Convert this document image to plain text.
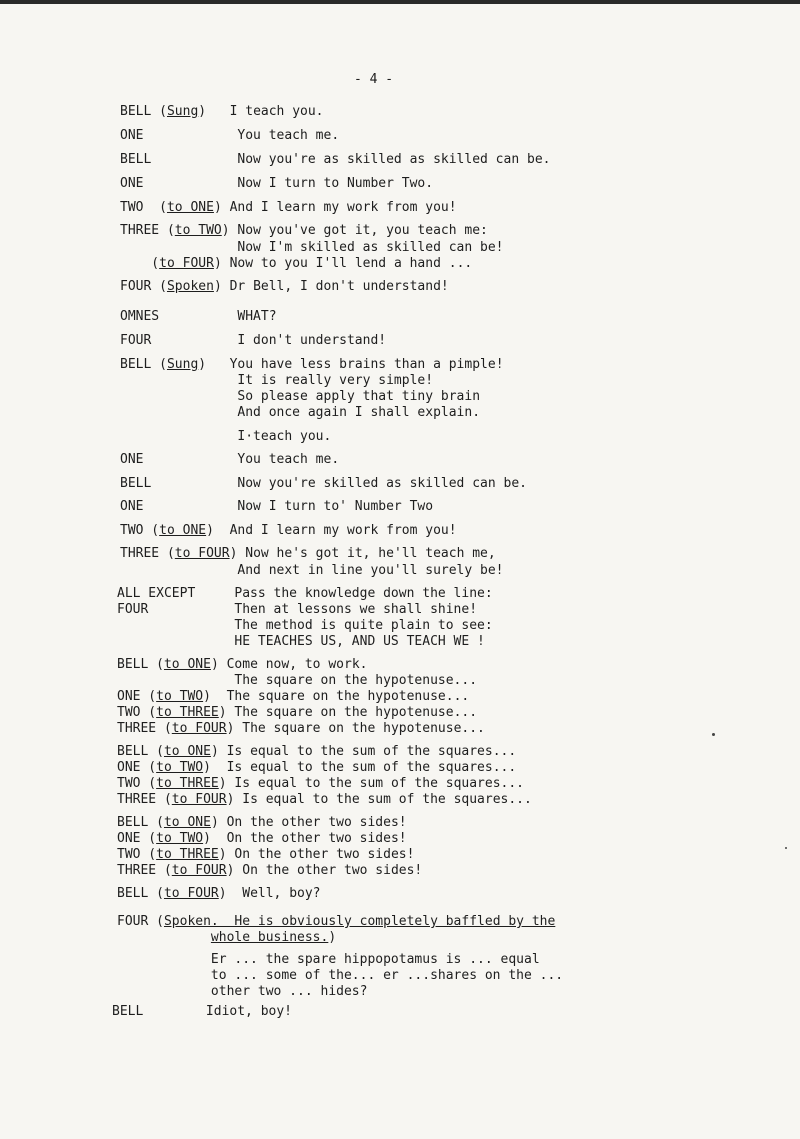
- 4 -
BELL (Sung)   I teach you.
ONE            You teach me.
BELL           Now you're as skilled as skilled can be.
ONE            Now I turn to Number Two.
TWO  (to ONE) And I learn my work from you!
THREE (to TWO) Now you've got it, you teach me:
Now I'm skilled as skilled can be!
(to FOUR) Now to you I'll lend a hand ...
FOUR (Spoken) Dr Bell, I don't understand!
OMNES          WHAT?
FOUR           I don't understand!
BELL (Sung)   You have less brains than a pimple!
It is really very simple!
So please apply that tiny brain
And once again I shall explain.
I·teach you.
ONE            You teach me.
BELL           Now you're skilled as skilled can be.
ONE            Now I turn to' Number Two
TWO (to ONE)  And I learn my work from you!
THREE (to FOUR) Now he's got it, he'll teach me,
And next in line you'll surely be!
ALL EXCEPT     Pass the knowledge down the line:
FOUR           Then at lessons we shall shine!
The method is quite plain to see:
HE TEACHES US, AND US TEACH WE !
BELL (to ONE) Come now, to work.
The square on the hypotenuse...
ONE (to TWO)  The square on the hypotenuse...
TWO (to THREE) The square on the hypotenuse...
THREE (to FOUR) The square on the hypotenuse...
BELL (to ONE) Is equal to the sum of the squares...
ONE (to TWO)  Is equal to the sum of the squares...
TWO (to THREE) Is equal to the sum of the squares...
THREE (to FOUR) Is equal to the sum of the squares...
BELL (to ONE) On the other two sides!
ONE (to TWO)  On the other two sides!
TWO (to THREE) On the other two sides!
THREE (to FOUR) On the other two sides!
BELL (to FOUR)  Well, boy?
FOUR (Spoken.  He is obviously completely baffled by the
whole business.)
Er ... the spare hippopotamus is ... equal
to ... some of the... er ...shares on the ...
other two ... hides?
BELL        Idiot, boy!
